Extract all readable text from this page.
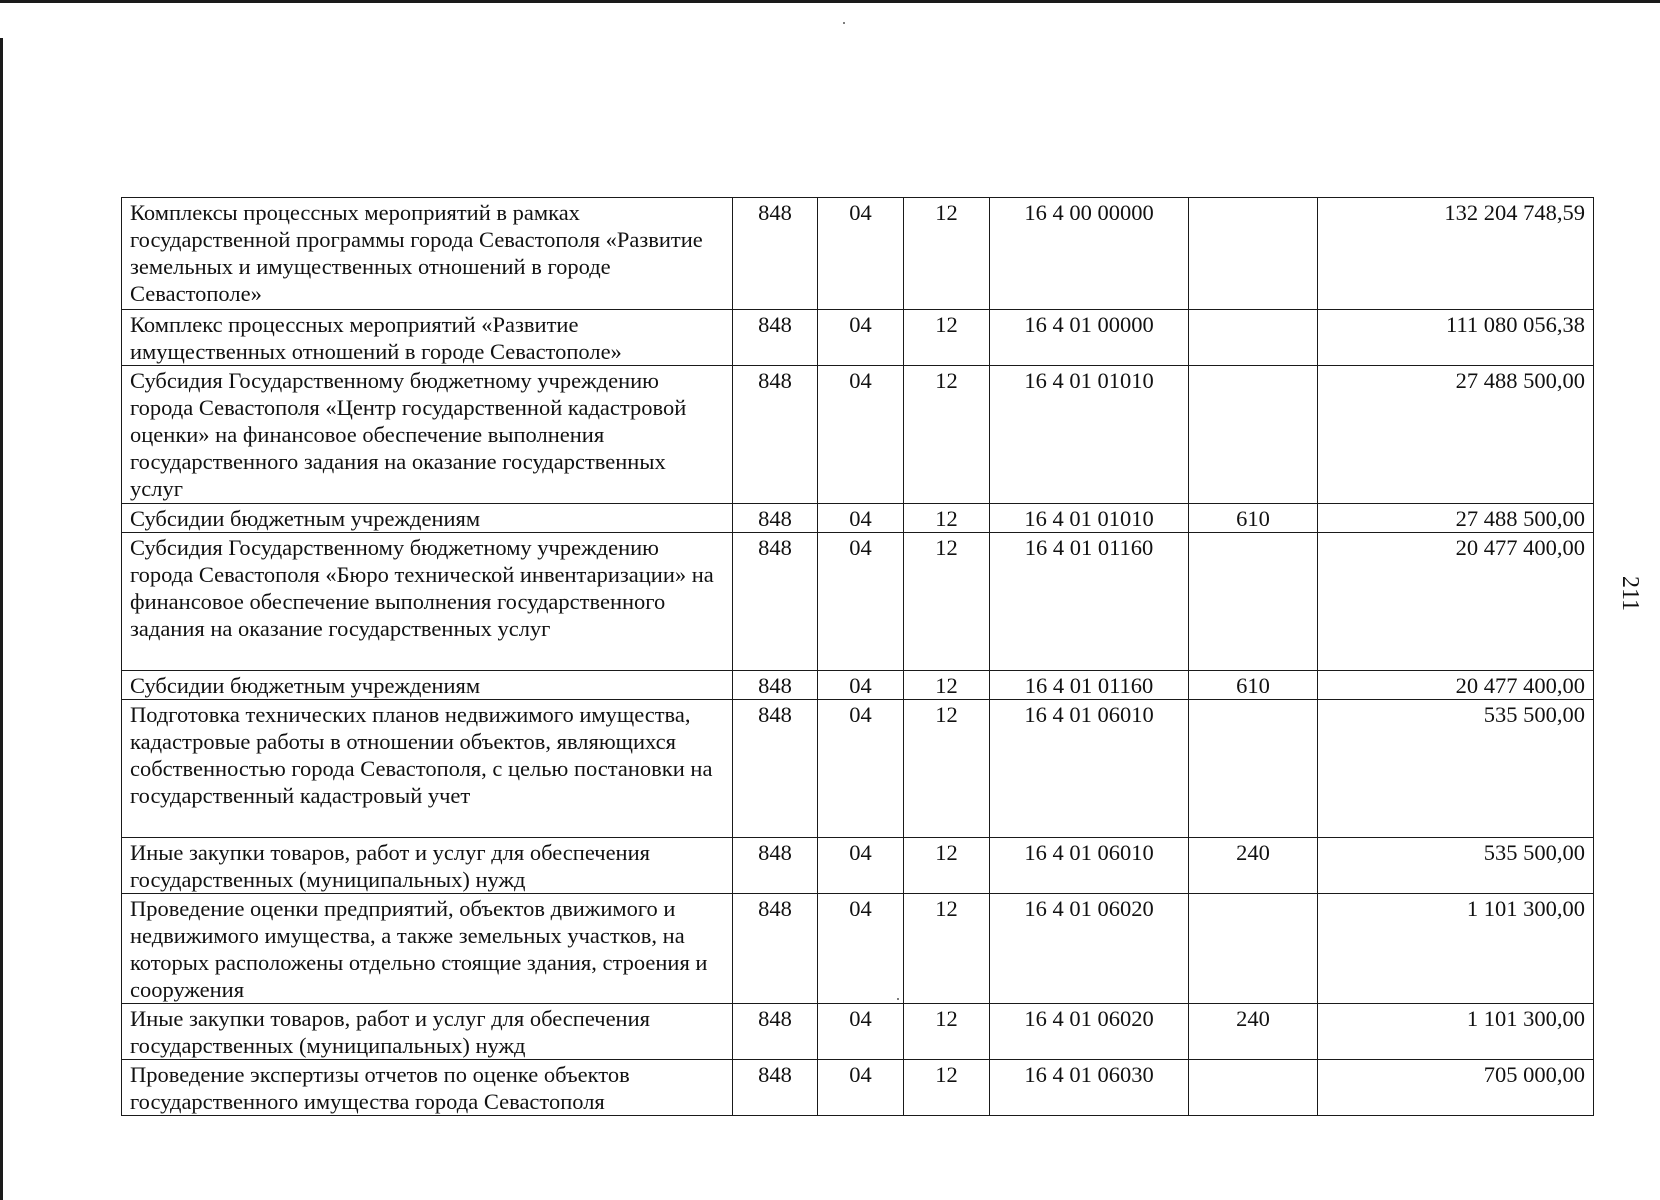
Комплексы процессных мероприятий в рамках государственной программы города Севастополя «Развитие земельных и имущественных отношений в городе Севастополе»	848	04	12	16 4 00 00000		132 204 748,59
Комплекс процессных мероприятий «Развитие имущественных отношений в городе Севастополе»	848	04	12	16 4 01 00000		111 080 056,38
Субсидия Государственному бюджетному учреждению города Севастополя «Центр государственной кадастровой оценки» на финансовое обеспечение выполнения государственного задания на оказание государственных услуг	848	04	12	16 4 01 01010		27 488 500,00
Субсидии бюджетным учреждениям	848	04	12	16 4 01 01010	610	27 488 500,00
Субсидия Государственному бюджетному учреждению города Севастополя «Бюро технической инвентаризации» на финансовое обеспечение выполнения государственного задания на оказание государственных услуг	848	04	12	16 4 01 01160		20 477 400,00
Субсидии бюджетным учреждениям	848	04	12	16 4 01 01160	610	20 477 400,00
Подготовка технических планов недвижимого имущества, кадастровые работы в отношении объектов, являющихся собственностью города Севастополя, с целью постановки на государственный кадастровый учет	848	04	12	16 4 01 06010		535 500,00
Иные закупки товаров, работ и услуг для обеспечения государственных (муниципальных) нужд	848	04	12	16 4 01 06010	240	535 500,00
Проведение оценки предприятий, объектов движимого и недвижимого имущества, а также земельных участков, на которых расположены отдельно стоящие здания, строения и сооружения	848	04	12	16 4 01 06020		1 101 300,00
Иные закупки товаров, работ и услуг для обеспечения государственных (муниципальных) нужд	848	04	12	16 4 01 06020	240	1 101 300,00
Проведение экспертизы отчетов по оценке объектов государственного имущества города Севастополя	848	04	12	16 4 01 06030		705 000,00
211
